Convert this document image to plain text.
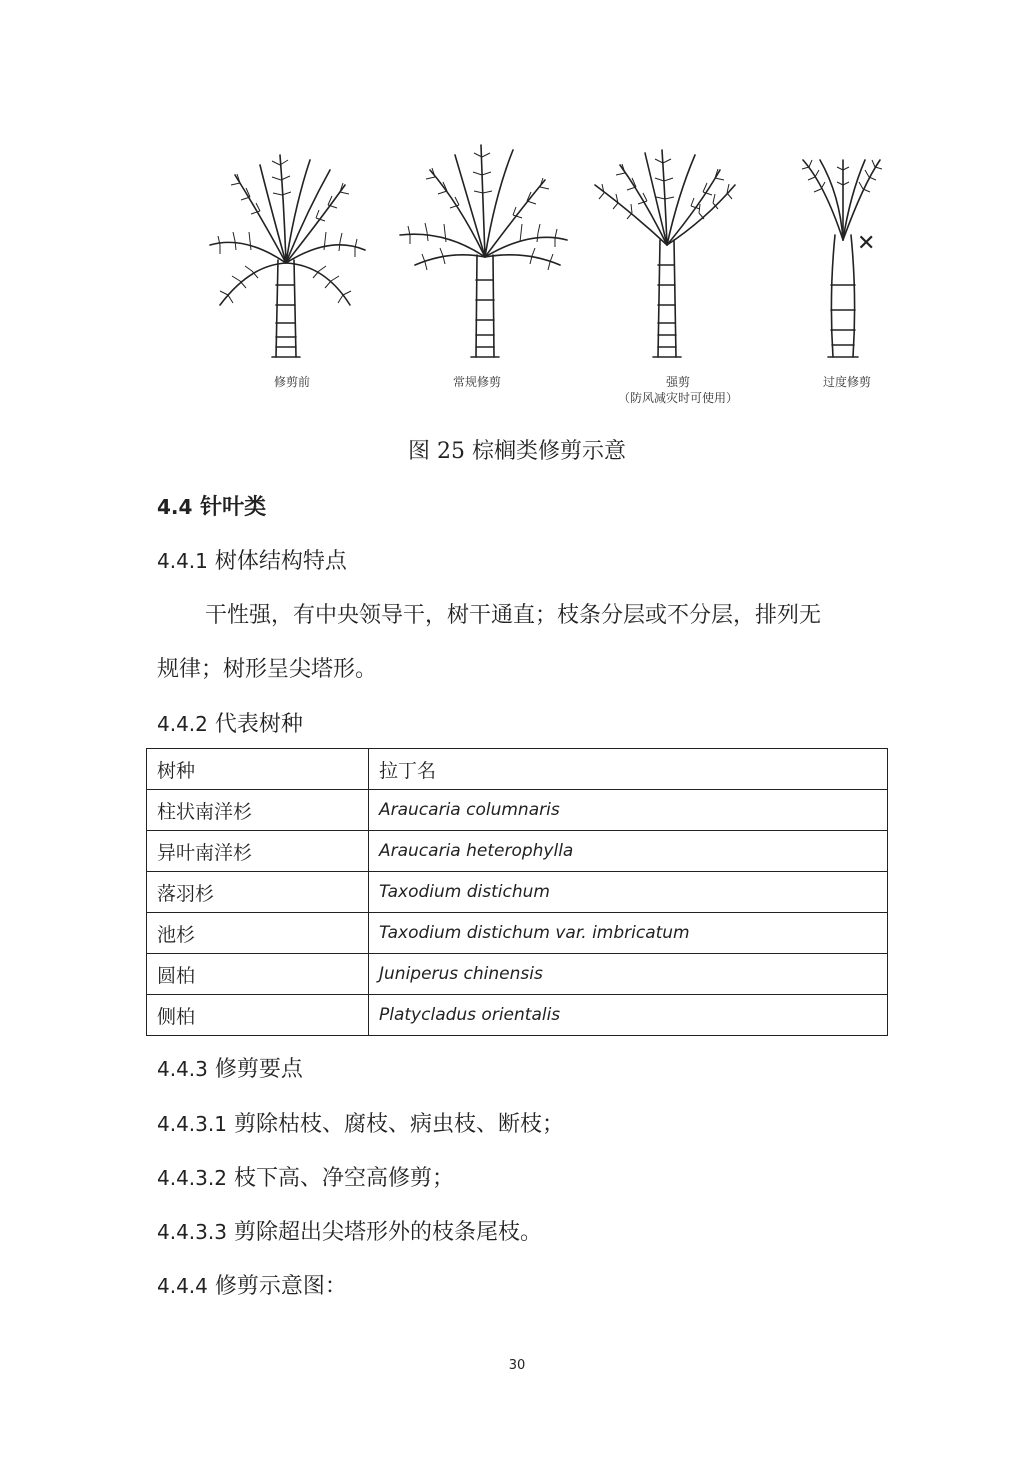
✕
修剪前	常规修剪	强剪
（防风减灾时可使用）
过度修剪
图 25 棕榈类修剪示意
4.4 针叶类
4.4.1 树体结构特点
干性强，有中央领导干，树干通直；枝条分层或不分层，排列无
规律；树形呈尖塔形。
4.4.2 代表树种
树种	拉丁名
柱状南洋杉	Araucaria columnaris
异叶南洋杉	Araucaria heterophylla
落羽杉	Taxodium distichum
池杉	Taxodium distichum var. imbricatum
圆柏	Juniperus chinensis
侧柏	Platycladus orientalis
4.4.3 修剪要点
4.4.3.1 剪除枯枝、腐枝、病虫枝、断枝；
4.4.3.2 枝下高、净空高修剪；
4.4.3.3 剪除超出尖塔形外的枝条尾枝。
4.4.4 修剪示意图：
30
